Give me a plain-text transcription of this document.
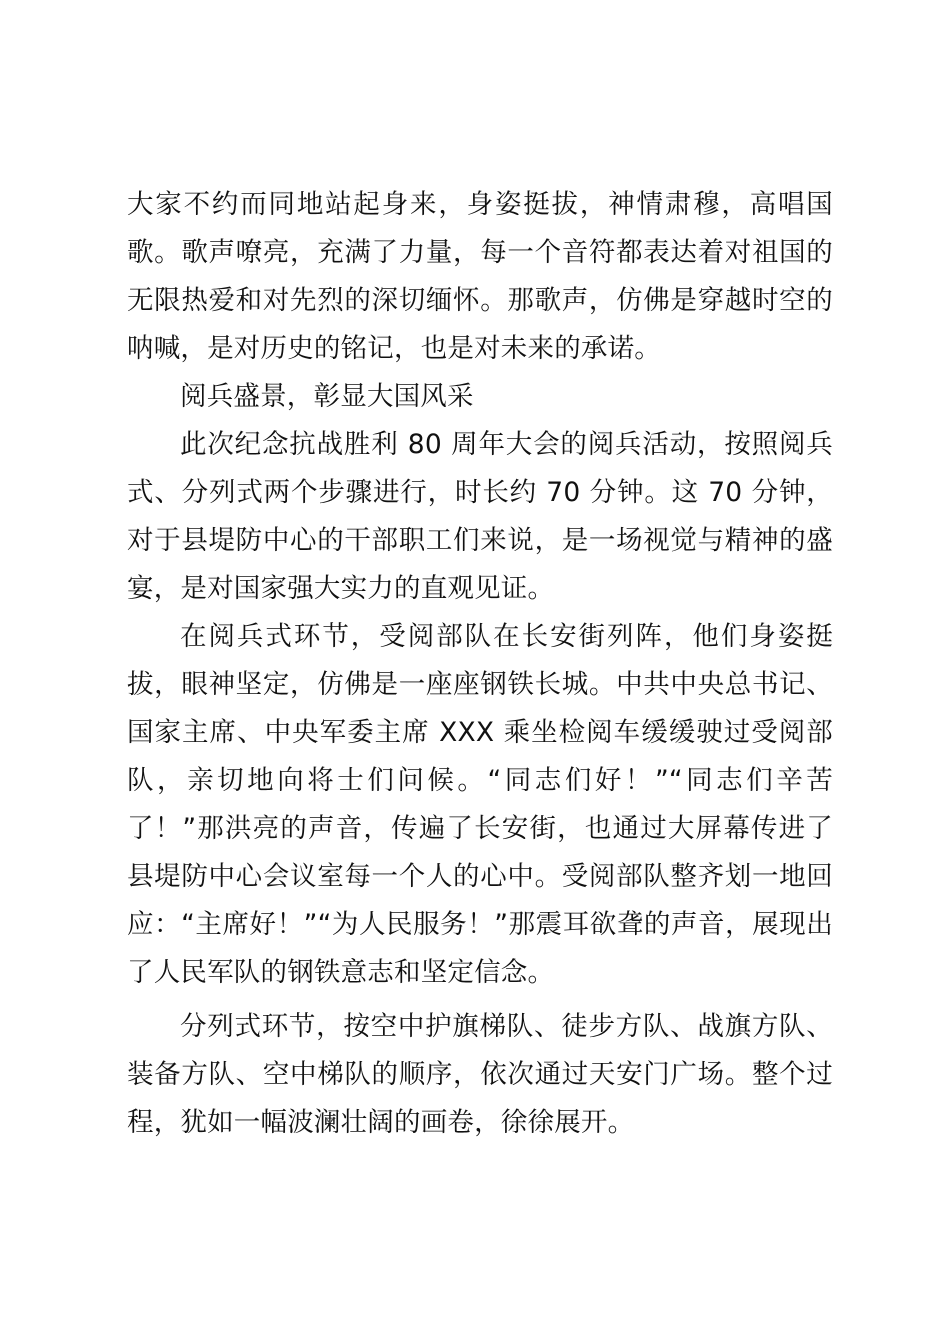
大家不约而同地站起身来，身姿挺拔，神情肃穆，高唱国歌。歌声嘹亮，充满了力量，每一个音符都表达着对祖国的无限热爱和对先烈的深切缅怀。那歌声，仿佛是穿越时空的呐喊，是对历史的铭记，也是对未来的承诺。

阅兵盛景，彰显大国风采

此次纪念抗战胜利 80 周年大会的阅兵活动，按照阅兵式、分列式两个步骤进行，时长约 70 分钟。这 70 分钟，对于县堤防中心的干部职工们来说，是一场视觉与精神的盛宴，是对国家强大实力的直观见证。

在阅兵式环节，受阅部队在长安街列阵，他们身姿挺拔，眼神坚定，仿佛是一座座钢铁长城。中共中央总书记、国家主席、中央军委主席 XXX 乘坐检阅车缓缓驶过受阅部队，亲切地向将士们问候。“同志们好！”“同志们辛苦了！”那洪亮的声音，传遍了长安街，也通过大屏幕传进了县堤防中心会议室每一个人的心中。受阅部队整齐划一地回应：“主席好！”“为人民服务！”那震耳欲聋的声音，展现出了人民军队的钢铁意志和坚定信念。

分列式环节，按空中护旗梯队、徒步方队、战旗方队、装备方队、空中梯队的顺序，依次通过天安门广场。整个过程，犹如一幅波澜壮阔的画卷，徐徐展开。
